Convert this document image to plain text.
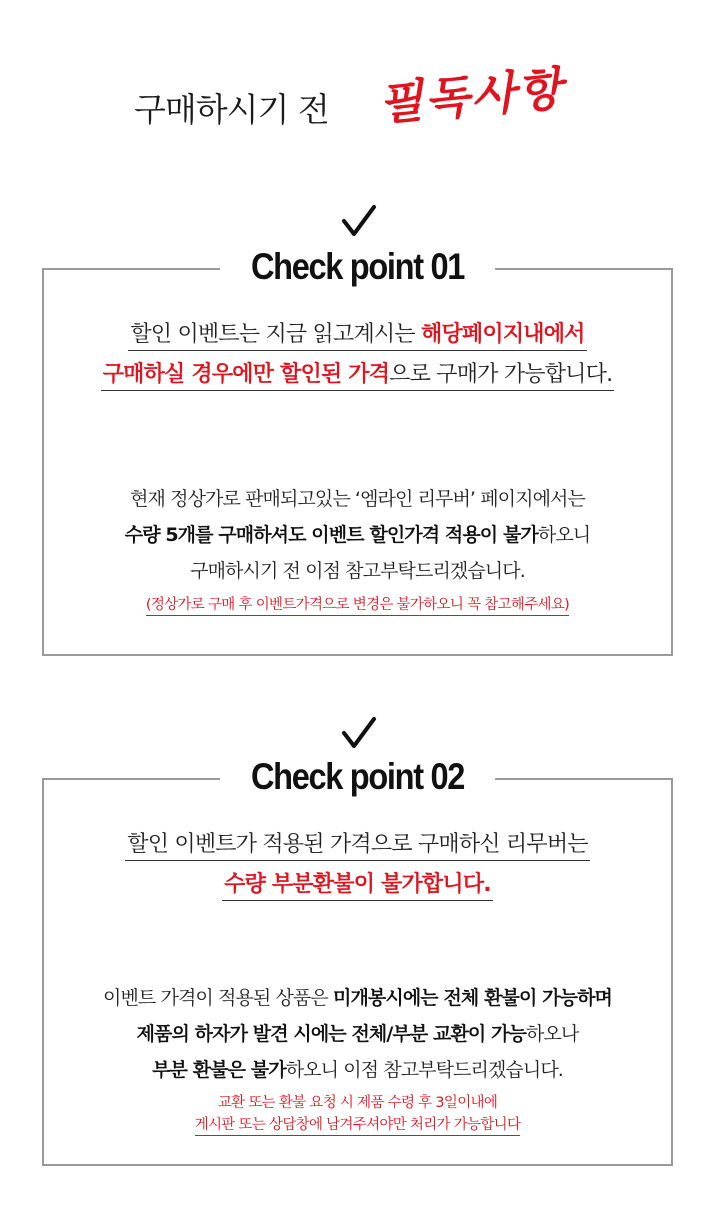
구매하시기 전 필독사항
Check point 01
할인 이벤트는 지금 읽고계시는 해당페이지내에서
구매하실 경우에만 할인된 가격으로 구매가 가능합니다.
현재 정상가로 판매되고있는 ‘엠라인 리무버’ 페이지에서는
수량 5개를 구매하셔도 이벤트 할인가격 적용이 불가하오니
구매하시기 전 이점 참고부탁드리겠습니다.
(정상가로 구매 후 이벤트가격으로 변경은 불가하오니 꼭 참고해주세요)
Check point 02
할인 이벤트가 적용된 가격으로 구매하신 리무버는
수량 부분환불이 불가합니다.
이벤트 가격이 적용된 상품은 미개봉시에는 전체 환불이 가능하며
제품의 하자가 발견 시에는 전체/부분 교환이 가능하오나
부분 환불은 불가하오니 이점 참고부탁드리겠습니다.
교환 또는 환불 요청 시 제품 수령 후 3일이내에
게시판 또는 상담창에 남겨주셔야만 처리가 가능합니다
